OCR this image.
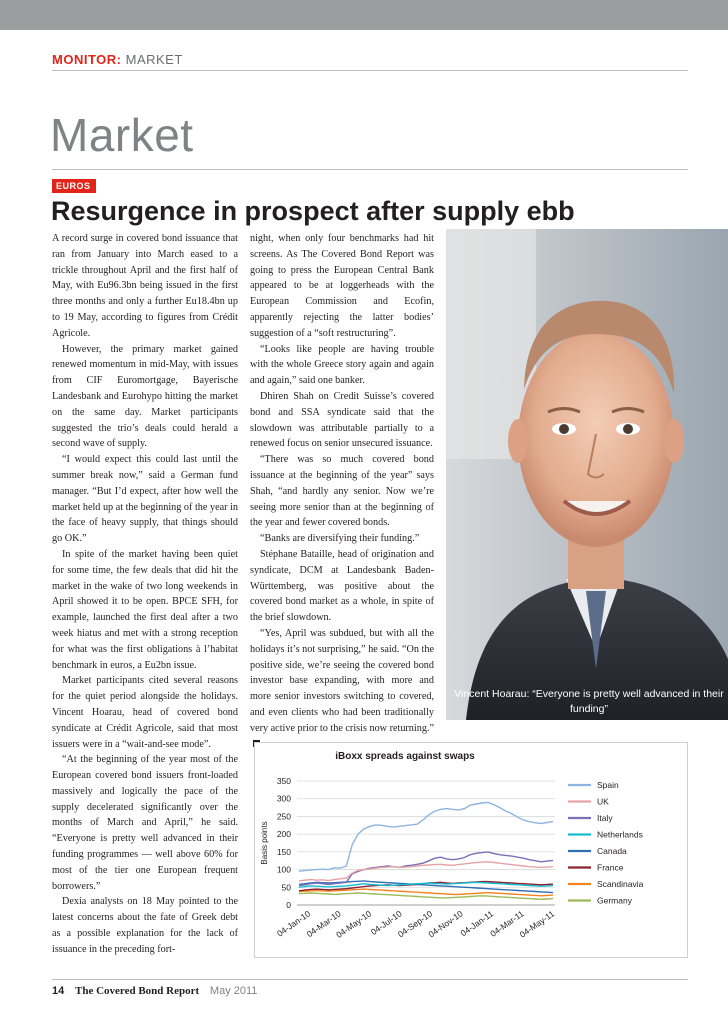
MONITOR: MARKET
Market
EUROS
Resurgence in prospect after supply ebb

A record surge in covered bond issuance that ran from January into March eased to a trickle throughout April and the first half of May, with Eu96.3bn being issued in the first three months and only a further Eu18.4bn up to 19 May, according to figures from Crédit Agricole.

However, the primary market gained renewed momentum in mid-May, with issues from CIF Euromortgage, Bayerische Landesbank and Eurohypo hitting the market on the same day. Market participants suggested the trio’s deals could herald a second wave of supply.

“I would expect this could last until the summer break now,” said a German fund manager. “But I’d expect, after how well the market held up at the beginning of the year in the face of heavy supply, that things should go OK.”

In spite of the market having been quiet for some time, the few deals that did hit the market in the wake of two long weekends in April showed it to be open. BPCE SFH, for example, launched the first deal after a two week hiatus and met with a strong reception for what was the first obligations à l’habitat benchmark in euros, a Eu2bn issue.

Market participants cited several reasons for the quiet period alongside the holidays. Vincent Hoarau, head of covered bond syndicate at Crédit Agricole, said that most issuers were in a “wait-and-see mode”.

“At the beginning of the year most of the European covered bond issuers front-loaded massively and logically the pace of the supply decelerated significantly over the months of March and April,” he said. “Everyone is pretty well advanced in their funding programmes — well above 60% for most of the tier one European frequent borrowers.”

Dexia analysts on 18 May pointed to the latest concerns about the fate of Greek debt as a possible explanation for the lack of issuance in the preceding fort-

night, when only four benchmarks had hit screens. As The Covered Bond Report was going to press the European Central Bank appeared to be at loggerheads with the European Commission and Ecofin, apparently rejecting the latter bodies’ suggestion of a “soft restructuring”.

“Looks like people are having trouble with the whole Greece story again and again and again,” said one banker.

Dhiren Shah on Credit Suisse’s covered bond and SSA syndicate said that the slowdown was attributable partially to a renewed focus on senior unsecured issuance.

“There was so much covered bond issuance at the beginning of the year” says Shah, “and hardly any senior. Now we’re seeing more senior than at the beginning of the year and fewer covered bonds.

“Banks are diversifying their funding.”

Stéphane Bataille, head of origination and syndicate, DCM at Landesbank Baden-Württemberg, was positive about the covered bond market as a whole, in spite of the brief slowdown.

“Yes, April was subdued, but with all the holidays it’s not surprising,” he said. “On the positive side, we’re seeing the covered bond investor base expanding, with more and more senior investors switching to covered, and even clients who had been traditionally very active prior to the crisis now returning.”

Vincent Hoarau: “Everyone is pretty well advanced in their funding”
iBoxx spreads against swaps
0
50
100
150
200
250
300
350
Basis points
04-Jan-10
04-Mar-10
04-May-10
04-Jul-10
04-Sep-10
04-Nov-10
04-Jan-11
04-Mar-11
04-May-11
Spain
UK
Italy
Netherlands
Canada
France
Scandinavia
Germany
14 The Covered Bond Report May 2011
